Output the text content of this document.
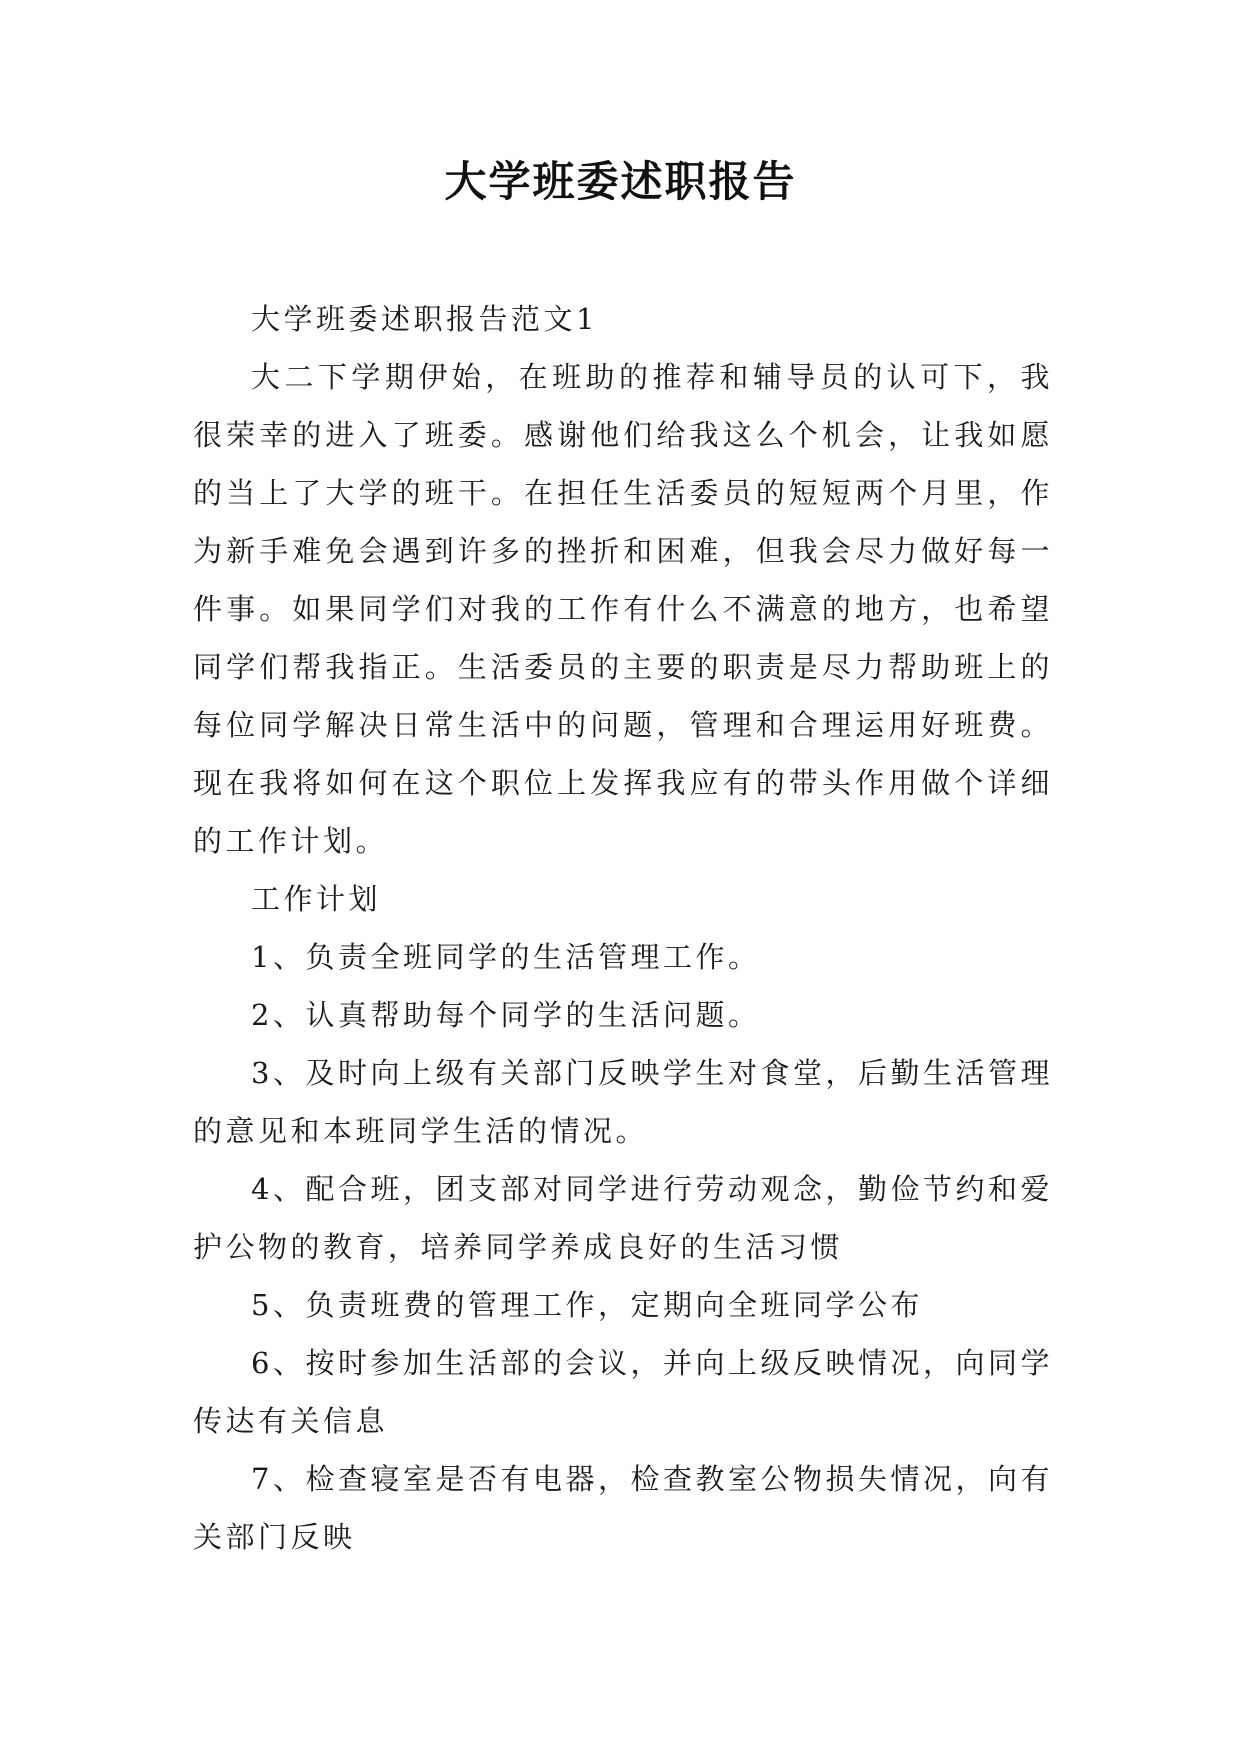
大学班委述职报告

大学班委述职报告范文1

大二下学期伊始，在班助的推荐和辅导员的认可下，我很荣幸的进入了班委。感谢他们给我这么个机会，让我如愿的当上了大学的班干。在担任生活委员的短短两个月里，作为新手难免会遇到许多的挫折和困难，但我会尽力做好每一件事。如果同学们对我的工作有什么不满意的地方，也希望同学们帮我指正。生活委员的主要的职责是尽力帮助班上的每位同学解决日常生活中的问题，管理和合理运用好班费。现在我将如何在这个职位上发挥我应有的带头作用做个详细的工作计划。

工作计划

1、负责全班同学的生活管理工作。

2、认真帮助每个同学的生活问题。

3、及时向上级有关部门反映学生对食堂，后勤生活管理的意见和本班同学生活的情况。

4、配合班，团支部对同学进行劳动观念，勤俭节约和爱护公物的教育，培养同学养成良好的生活习惯

5、负责班费的管理工作，定期向全班同学公布

6、按时参加生活部的会议，并向上级反映情况，向同学传达有关信息

7、检查寝室是否有电器，检查教室公物损失情况，向有关部门反映
